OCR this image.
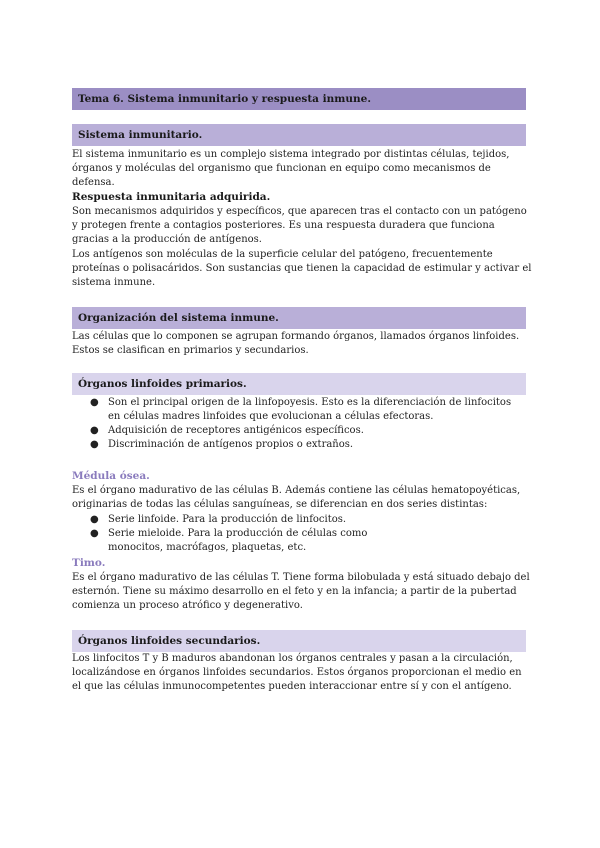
Tema 6. Sistema inmunitario y respuesta inmune.
Sistema inmunitario.
El sistema inmunitario es un complejo sistema integrado por distintas células, tejidos, órganos y moléculas del organismo que funcionan en equipo como mecanismos de defensa.
Respuesta inmunitaria adquirida.
Son mecanismos adquiridos y específicos, que aparecen tras el contacto con un patógeno y protegen frente a contagios posteriores. Es una respuesta duradera que funciona gracias a la producción de antígenos.
Los antígenos son moléculas de la superficie celular del patógeno, frecuentemente proteínas o polisacáridos. Son sustancias que tienen la capacidad de estimular y activar el sistema inmune.
Organización del sistema inmune.
Las células que lo componen se agrupan formando órganos, llamados órganos linfoides. Estos se clasifican en primarios y secundarios.
Órganos linfoides primarios.
● Son el principal origen de la linfopoyesis. Esto es la diferenciación de linfocitos en células madres linfoides que evolucionan a células efectoras.
● Adquisición de receptores antigénicos específicos.
● Discriminación de antígenos propios o extraños.
Médula ósea.
Es el órgano madurativo de las células B. Además contiene las células hematopoyéticas, originarias de todas las células sanguíneas, se diferencian en dos series distintas:
● Serie linfoide. Para la producción de linfocitos.
● Serie mieloide. Para la producción de células como monocitos, macrófagos, plaquetas, etc.
Timo.
Es el órgano madurativo de las células T. Tiene forma bilobulada y está situado debajo del esternón. Tiene su máximo desarrollo en el feto y en la infancia; a partir de la pubertad comienza un proceso atrófico y degenerativo.
Órganos linfoides secundarios.
Los linfocitos T y B maduros abandonan los órganos centrales y pasan a la circulación, localizándose en órganos linfoides secundarios. Estos órganos proporcionan el medio en el que las células inmunocompetentes pueden interaccionar entre sí y con el antígeno.
